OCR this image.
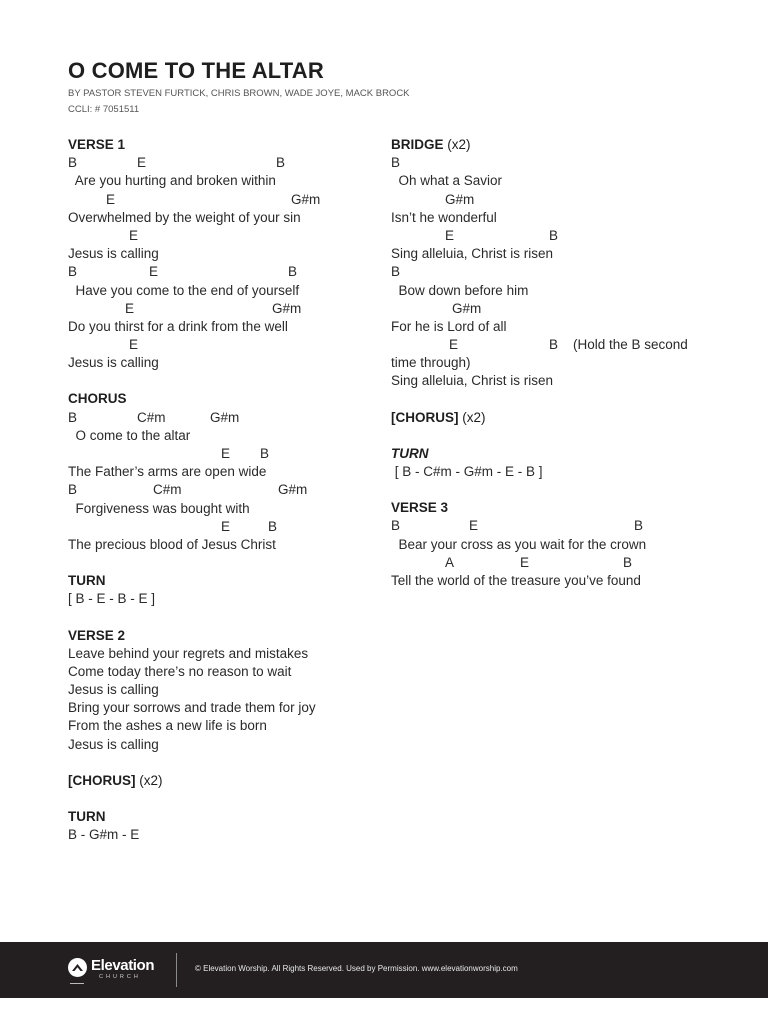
O COME TO THE ALTAR
BY PASTOR STEVEN FURTICK, CHRIS BROWN, WADE JOYE, MACK BROCK
CCLI: # 7051511
VERSE 1
B	E	B
Are you hurting and broken within
E	G#m
Overwhelmed by the weight of your sin
E
Jesus is calling
B	E	B
Have you come to the end of yourself
E	G#m
Do you thirst for a drink from the well
E
Jesus is calling
CHORUS
B	C#m	G#m
O come to the altar
E B
The Father’s arms are open wide
B	C#m	G#m
Forgiveness was bought with
E	B
The precious blood of Jesus Christ
TURN
[ B - E - B - E ]
VERSE 2
Leave behind your regrets and mistakes
Come today there’s no reason to wait
Jesus is calling
Bring your sorrows and trade them for joy
From the ashes a new life is born
Jesus is calling
[CHORUS] (x2)
TURN
B - G#m - E
BRIDGE (x2)
B
Oh what a Savior
G#m
Isn’t he wonderful
E	B
Sing alleluia, Christ is risen
B
Bow down before him
G#m
For he is Lord of all
E	B (Hold the B second
time through)
Sing alleluia, Christ is risen
[CHORUS] (x2)
TURN
[ B - C#m - G#m - E - B ]
VERSE 3
B	E	B
Bear your cross as you wait for the crown
A	E	B
Tell the world of the treasure you’ve found
Elevation
CHURCH
© Elevation Worship. All Rights Reserved. Used by Permission. www.elevationworship.com
